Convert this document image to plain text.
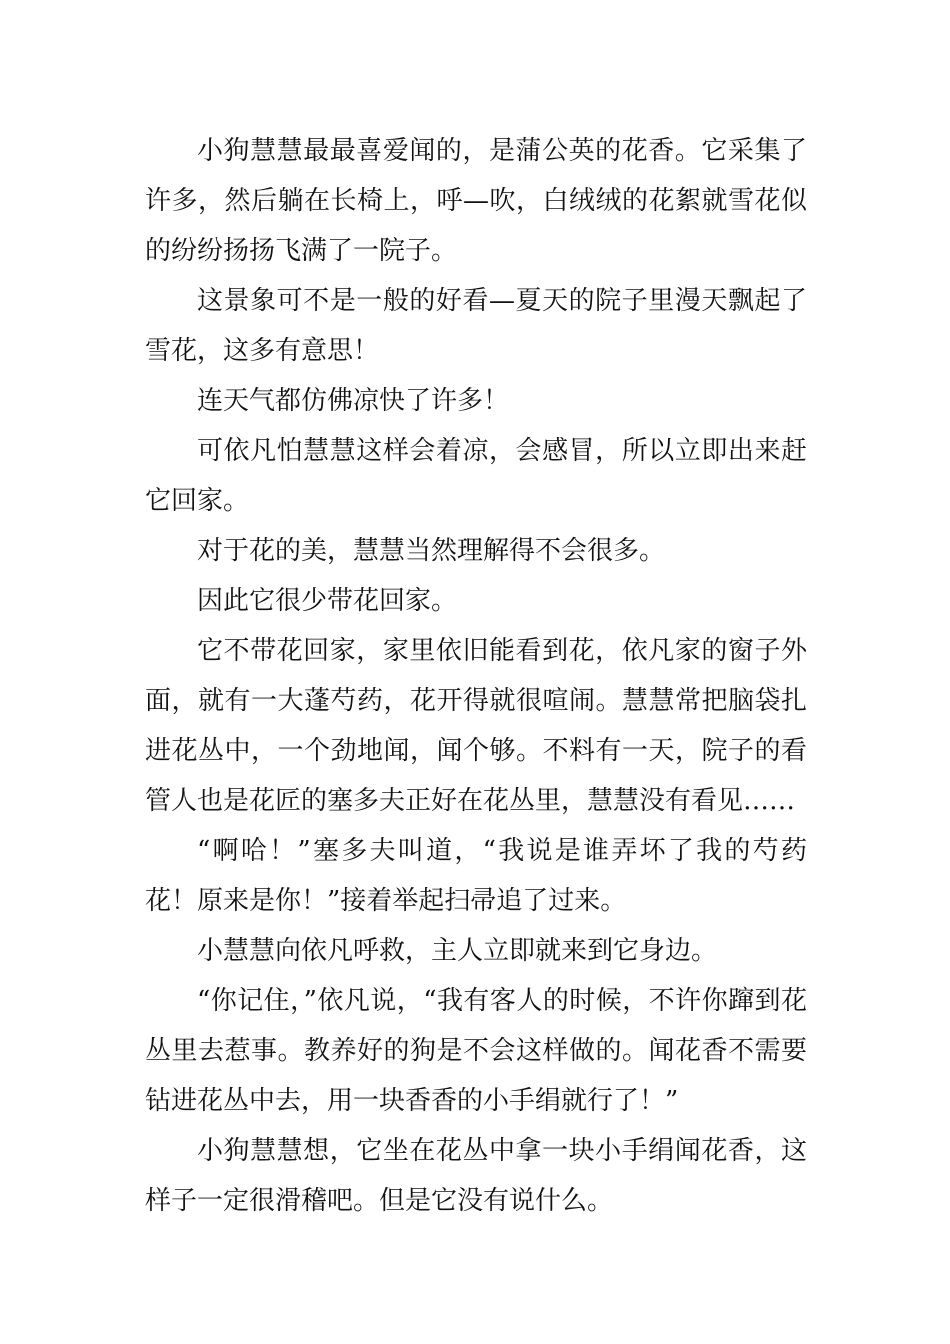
小狗慧慧最最喜爱闻的，是蒲公英的花香。它采集了许多，然后躺在长椅上，呼—吹，白绒绒的花絮就雪花似的纷纷扬扬飞满了一院子。

这景象可不是一般的好看—夏天的院子里漫天飘起了雪花，这多有意思！

连天气都仿佛凉快了许多！

可依凡怕慧慧这样会着凉，会感冒，所以立即出来赶它回家。

对于花的美，慧慧当然理解得不会很多。

因此它很少带花回家。

它不带花回家，家里依旧能看到花，依凡家的窗子外面，就有一大蓬芍药，花开得就很喧闹。慧慧常把脑袋扎进花丛中，一个劲地闻，闻个够。不料有一天，院子的看管人也是花匠的塞多夫正好在花丛里，慧慧没有看见……

“啊哈！”塞多夫叫道，“我说是谁弄坏了我的芍药花！原来是你！”接着举起扫帚追了过来。

小慧慧向依凡呼救，主人立即就来到它身边。

“你记住，”依凡说，“我有客人的时候，不许你蹿到花丛里去惹事。教养好的狗是不会这样做的。闻花香不需要钻进花丛中去，用一块香香的小手绢就行了！”

小狗慧慧想，它坐在花丛中拿一块小手绢闻花香，这样子一定很滑稽吧。但是它没有说什么。
